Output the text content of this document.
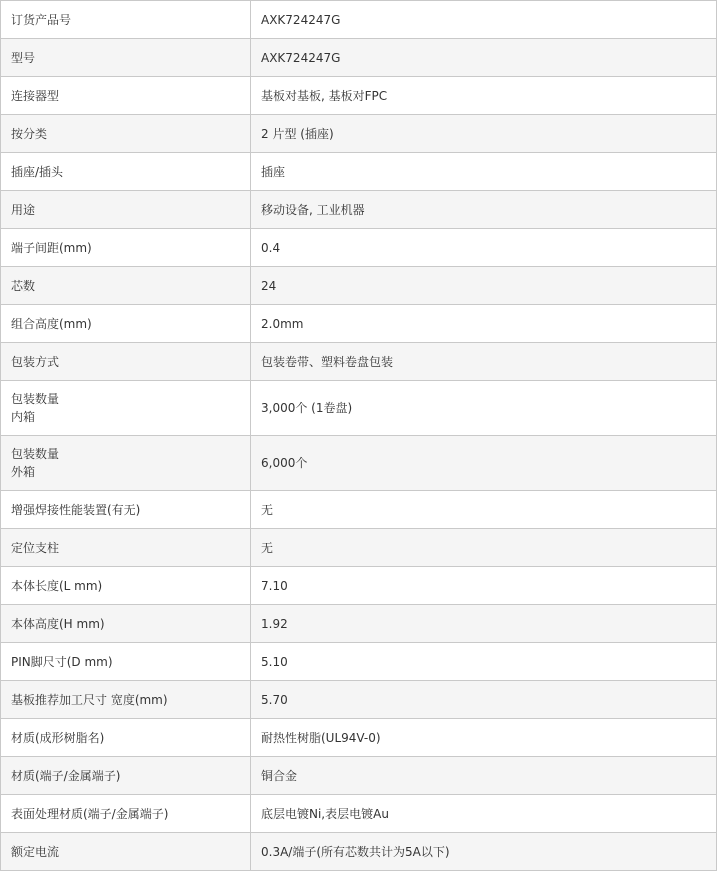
订货产品号	AXK724247G
型号	AXK724247G
连接器型	基板对基板, 基板对FPC
按分类	2 片型 (插座)
插座/插头	插座
用途	移动设备, 工业机器
端子间距(mm)	0.4
芯数	24
组合高度(mm)	2.0mm
包装方式	包装卷带、塑料卷盘包装

包装数量
内箱	3,000个 (1卷盘)

包装数量
外箱	6,000个
增强焊接性能装置(有无)	无
定位支柱	无
本体长度(L mm)	7.10
本体高度(H mm)	1.92
PIN脚尺寸(D mm)	5.10
基板推荐加工尺寸 宽度(mm)	5.70
材质(成形树脂名)	耐热性树脂(UL94V-0)
材质(端子/金属端子)	铜合金
表面处理材质(端子/金属端子)	底层电镀Ni,表层电镀Au
额定电流	0.3A/端子(所有芯数共计为5A以下)
